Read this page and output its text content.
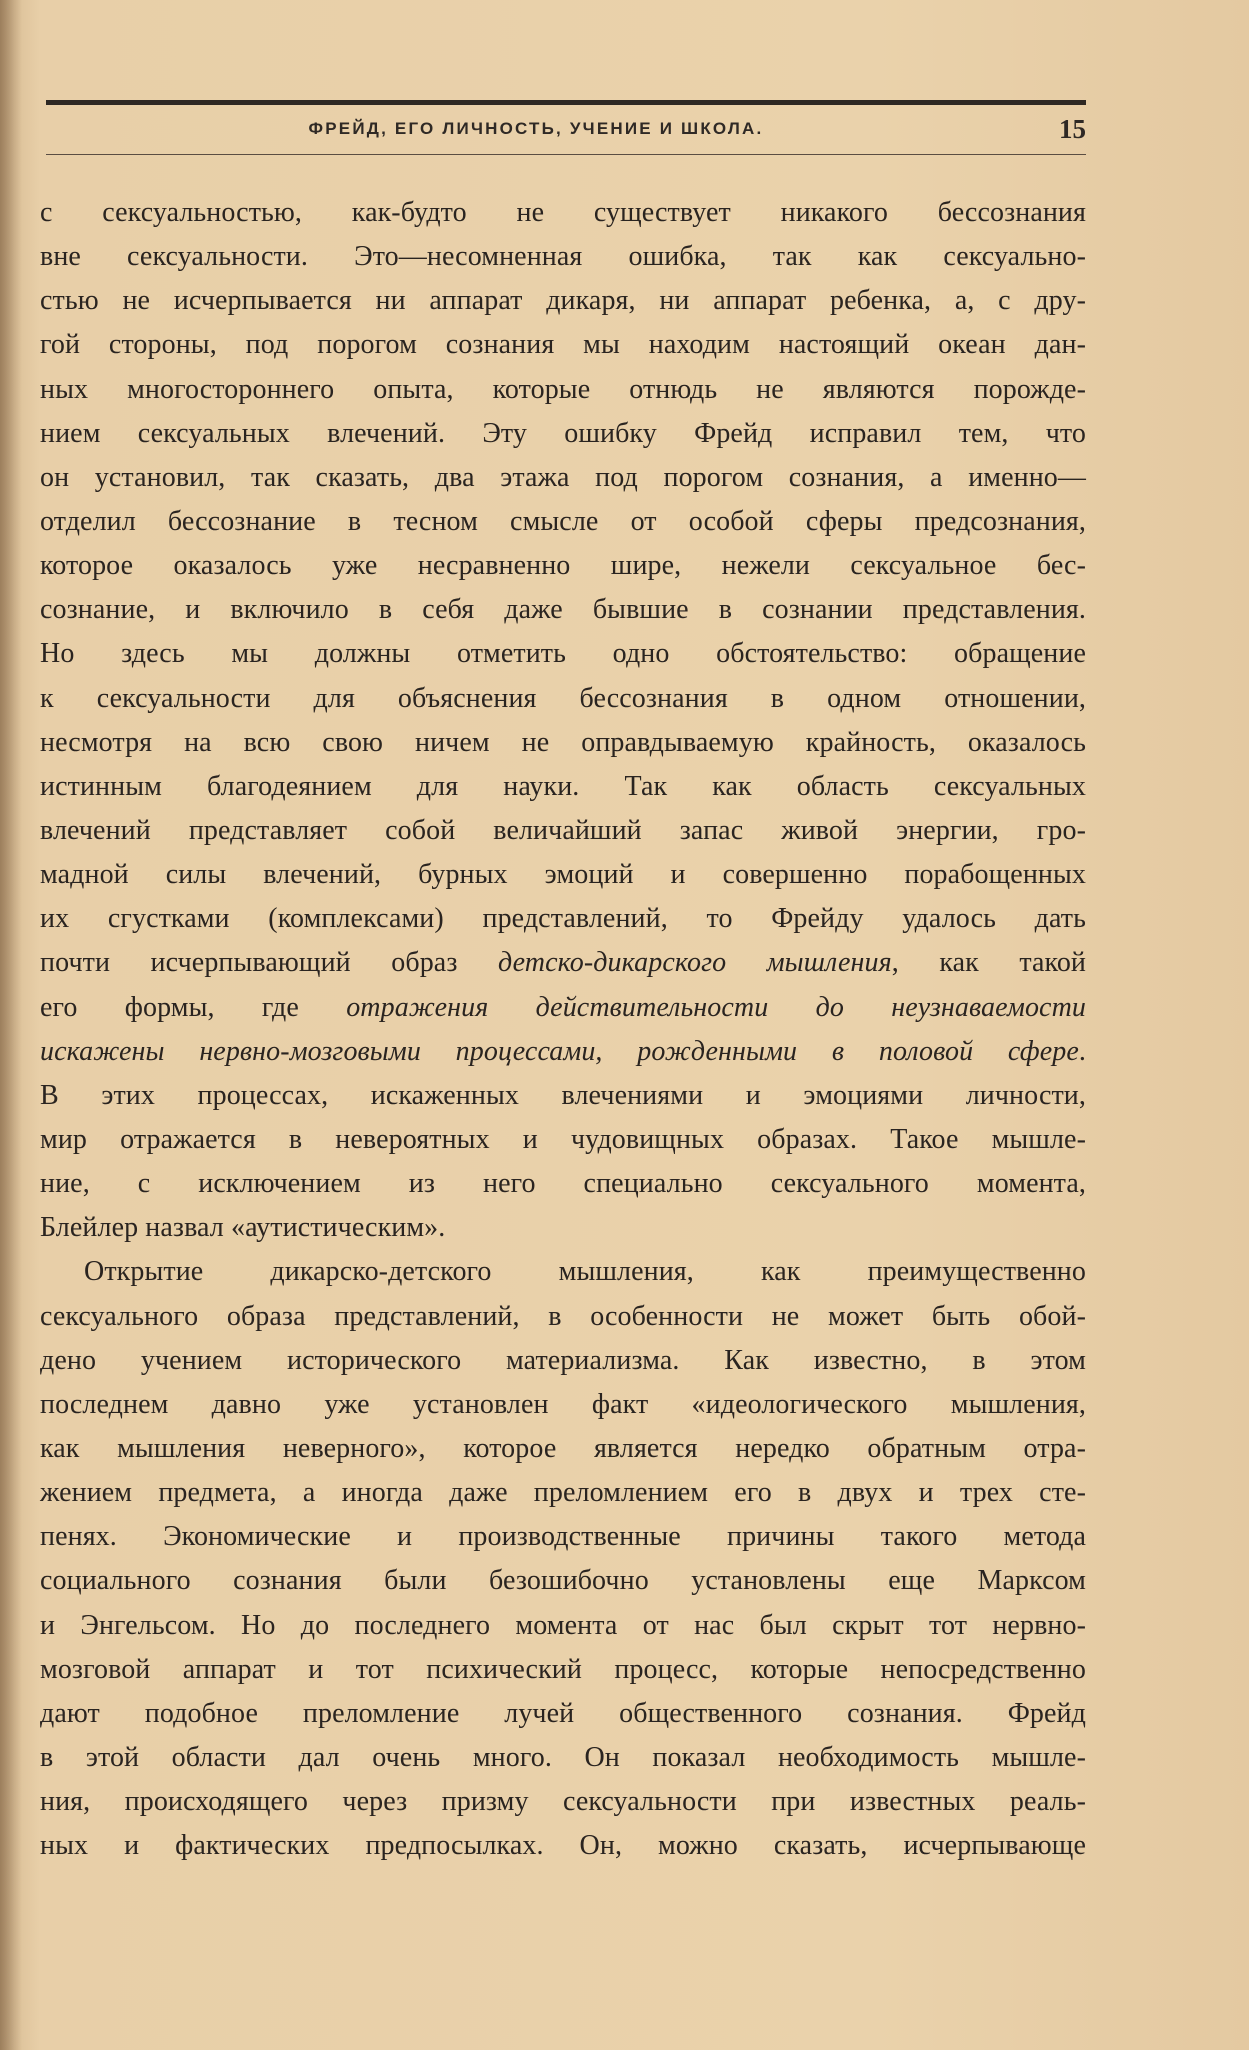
ФРЕЙД, ЕГО ЛИЧНОСТЬ, УЧЕНИЕ И ШКОЛА.	15
с сексуальностью, как-будто не существует никакого бессознания
вне сексуальности. Это—несомненная ошибка, так как сексуально-
стью не исчерпывается ни аппарат дикаря, ни аппарат ребенка, а, с дру-
гой стороны, под порогом сознания мы находим настоящий океан дан-
ных многостороннего опыта, которые отнюдь не являются порожде-
нием сексуальных влечений. Эту ошибку Фрейд исправил тем, что
он установил, так сказать, два этажа под порогом сознания, а именно—
отделил бессознание в тесном смысле от особой сферы предсознания,
которое оказалось уже несравненно шире, нежели сексуальное бес-
сознание, и включило в себя даже бывшие в сознании представления.
Но здесь мы должны отметить одно обстоятельство: обращение
к сексуальности для объяснения бессознания в одном отношении,
несмотря на всю свою ничем не оправдываемую крайность, оказалось
истинным благодеянием для науки. Так как область сексуальных
влечений представляет собой величайший запас живой энергии, гро-
мадной силы влечений, бурных эмоций и совершенно порабощенных
их сгустками (комплексами) представлений, то Фрейду удалось дать
почти исчерпывающий образ детско-дикарского мышления, как такой
его формы, где отражения действительности до неузнаваемости
искажены нервно-мозговыми процессами, рожденными в половой сфере.
В этих процессах, искаженных влечениями и эмоциями личности,
мир отражается в невероятных и чудовищных образах. Такое мышле-
ние, с исключением из него специально сексуального момента,
Блейлер назвал «аутистическим».
Открытие дикарско-детского мышления, как преимущественно
сексуального образа представлений, в особенности не может быть обой-
дено учением исторического материализма. Как известно, в этом
последнем давно уже установлен факт «идеологического мышления,
как мышления неверного», которое является нередко обратным отра-
жением предмета, а иногда даже преломлением его в двух и трех сте-
пенях. Экономические и производственные причины такого метода
социального сознания были безошибочно установлены еще Марксом
и Энгельсом. Но до последнего момента от нас был скрыт тот нервно-
мозговой аппарат и тот психический процесс, которые непосредственно
дают подобное преломление лучей общественного сознания. Фрейд
в этой области дал очень много. Он показал необходимость мышле-
ния, происходящего через призму сексуальности при известных реаль-
ных и фактических предпосылках. Он, можно сказать, исчерпывающе
